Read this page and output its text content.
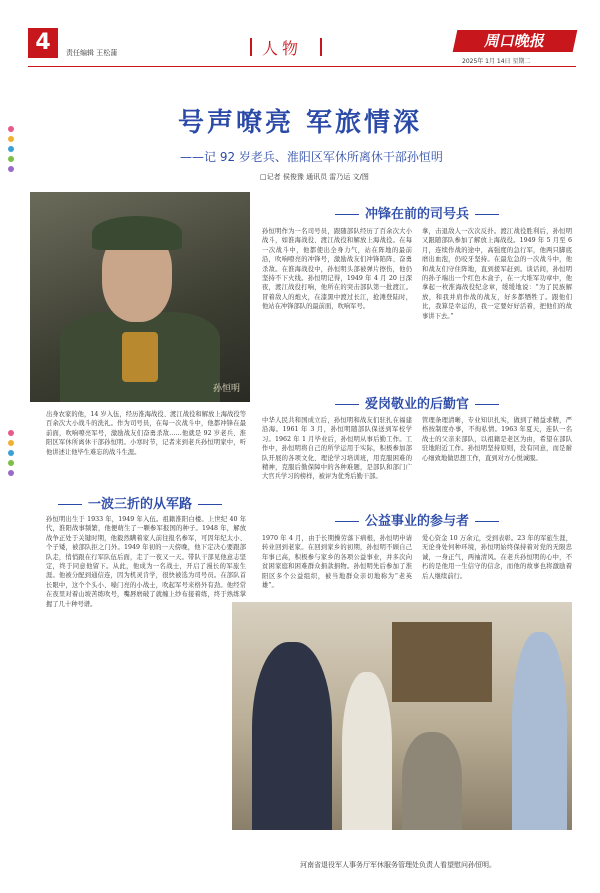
4	责任编辑 王松蒲	人物	周口晚报
2025年 1月 14日 星期二
号声嘹亮 军旅情深
——记 92 岁老兵、淮阳区军休所离休干部孙恒明
□记者 侯俊豫 通讯员 雷乃运 文/图
孙恒明
出身农家的他，14 岁入伍，经历淮海战役、渡江战役和解放上海战役等百余次大小战斗的洗礼。作为司号员，在每一次战斗中，他都冲锋在最前面，吹响嘹亮军号，激励战友们奋勇杀敌……他就是 92 岁老兵、淮阳区军休所离休干部孙恒明。小寒时节，记者来到老兵孙恒明家中，听他讲述让他毕生难忘的战斗生涯。
一波三折的从军路
孙恒明出生于 1933 年，1949 年入伍。祖籍淮阳白楼。上世纪 40 年代，淮阳战事频繁，他便萌生了一颗参军报国的种子。1948 年，解放战争正处于关键时期，他毅然瞒着家人前往报名参军，可因年纪太小、个子矮，被部队拒之门外。1949 年初的一天傍晚，他下定决心要跟部队走，悄悄跟在行军队伍后面，走了一夜又一天。带队干部见他意志坚定，终于同意他留下。从此，他成为一名战士，开启了漫长的军旅生涯。他被分配到通信连，因为机灵肯学，很快被选为司号员。在部队首长眼中，这个个头小、嗓门亮的小战士，吹起军号来格外有劲。他经常在夜里对着山坡苦练吹号，嘴唇磨破了就缠上纱布接着练，终于熟练掌握了几十种号谱。
冲锋在前的司号兵
孙恒明作为一名司号员，跟随部队经历了百余次大小战斗，如淮海战役、渡江战役和解放上海战役。在每一次战斗中，他都使出全身力气，站在阵地的最前沿，吹响嘹亮的冲锋号，激励战友们冲锋陷阵、奋勇杀敌。在淮海战役中，孙恒明头部被弹片擦伤，他仍坚持不下火线。孙恒明记得，1949 年 4 月 20 日深夜，渡江战役打响，他所在的突击部队第一批渡江。冒着敌人的炮火，在漆黑中渡过长江，抢滩登陆时，他站在冲锋部队的最前面，吹响军号。
拿，击退敌人一次次反扑。渡江战役胜利后，孙恒明又跟随部队参加了解放上海战役。1949 年 5 月至 6 月，连续作战的途中，高强度的急行军，他两只脚底磨出血泡，仍咬牙坚持。在最危急的一次战斗中，他和战友们守住阵地，直到援军赶到。谈话间，孙恒明的孙子端出一个红色木盒子，在一大堆军功章中，他拿起一枚淮海战役纪念章，缓缓地说：“为了民族解放，和我并肩作战的战友，好多都牺牲了。跟他们比，我算是幸运的，我一定要好好活着，把他们的故事讲下去。”
爱岗敬业的后勤官
中华人民共和国成立后，孙恒明和战友们驻扎在福建沿海。1961 年 3 月，孙恒明随部队保送到军校学习。1962 年 1 月毕业后，孙恒明从事后勤工作。工作中，孙恒明将自己的所学运用于实际，积极参加部队开展的各项文化、理论学习培训班，用克服困难的精神，克服后勤保障中的各种难题，是部队和部门广大官兵学习的榜样，被评为优秀后勤干部。
管理条理清晰，专业知识扎实，做到了精益求精，严格按制度办事，不徇私情。1963 年夏天，连队一名战士的父亲来部队，以祖籍是老区为由，希望在部队驻地附近工作。孙恒明坚持原则，没有同意，而是耐心细致地做思想工作，直到对方心悦诚服。
公益事业的参与者
1970 年 4 月，由于长期操劳落下病根，孙恒明申请转业回到老家。在回到家乡的初期，孙恒明不顾自己年事已高，积极参与家乡的各项公益事业，并多次向贫困家庭和困难群众捐款捐物。孙恒明先后参加了淮阳区多个公益组织，被当地群众亲切地称为“老英雄”。
爱心资金 10 万余元，受到表彰。23 年的军旅生涯，无论身处何种环境，孙恒明始终保持着对党的无限忠诚，一身正气，两袖清风。在老兵孙恒明的心中，不朽的是他用一生信守的信念，而他的故事也将激励着后人继续前行。
河南省退役军人事务厅军休服务管理处负责人看望慰问孙恒明。
